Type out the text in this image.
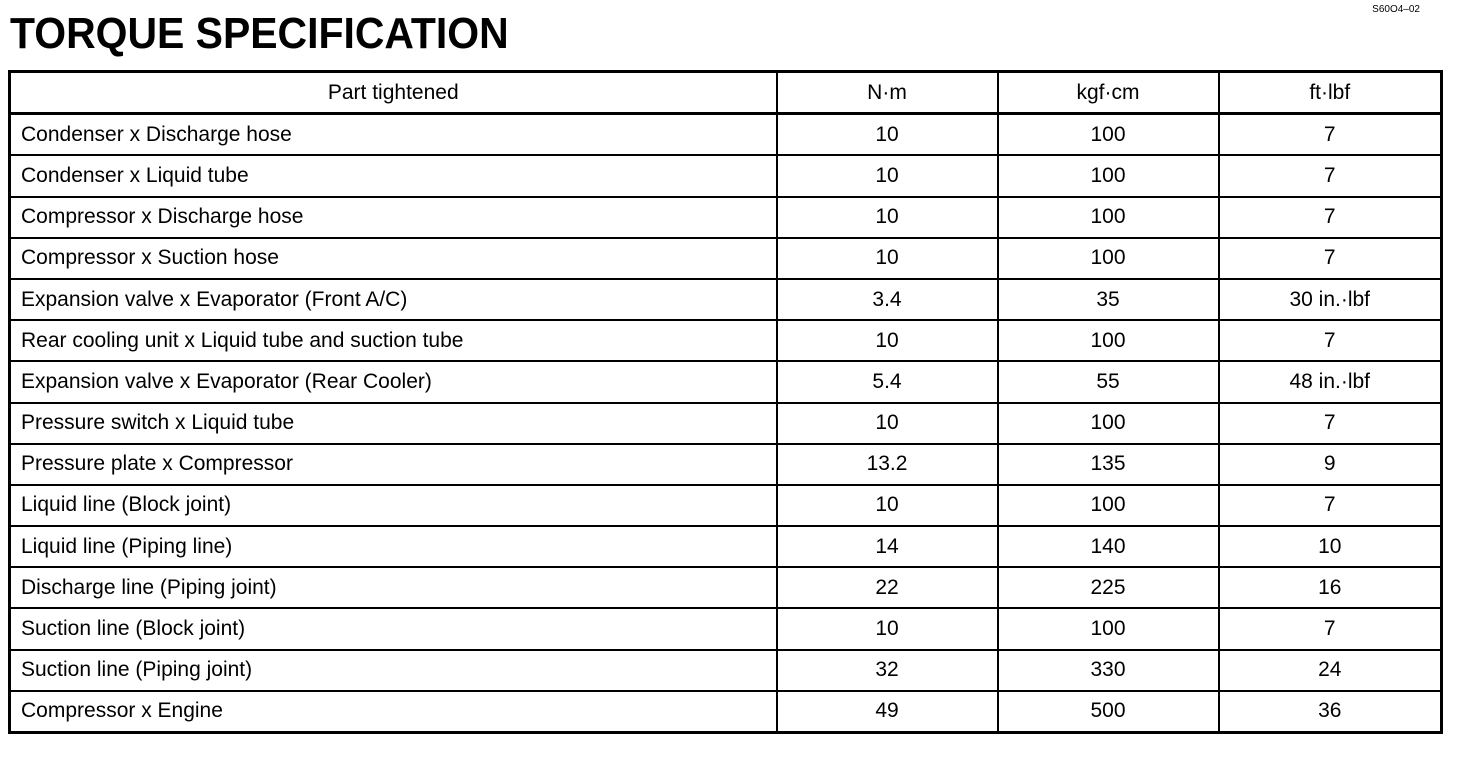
TORQUE SPECIFICATION	S60O4–02
Part tightened	N·m	kgf·cm	ft·lbf
Condenser x Discharge hose	10	100	7
Condenser x Liquid tube	10	100	7
Compressor x Discharge hose	10	100	7
Compressor x Suction hose	10	100	7
Expansion valve x Evaporator (Front A/C)	3.4	35	30 in.·lbf
Rear cooling unit x Liquid tube and suction tube	10	100	7
Expansion valve x Evaporator (Rear Cooler)	5.4	55	48 in.·lbf
Pressure switch x Liquid tube	10	100	7
Pressure plate x Compressor	13.2	135	9
Liquid line (Block joint)	10	100	7
Liquid line (Piping line)	14	140	10
Discharge line (Piping joint)	22	225	16
Suction line (Block joint)	10	100	7
Suction line (Piping joint)	32	330	24
Compressor x Engine	49	500	36
